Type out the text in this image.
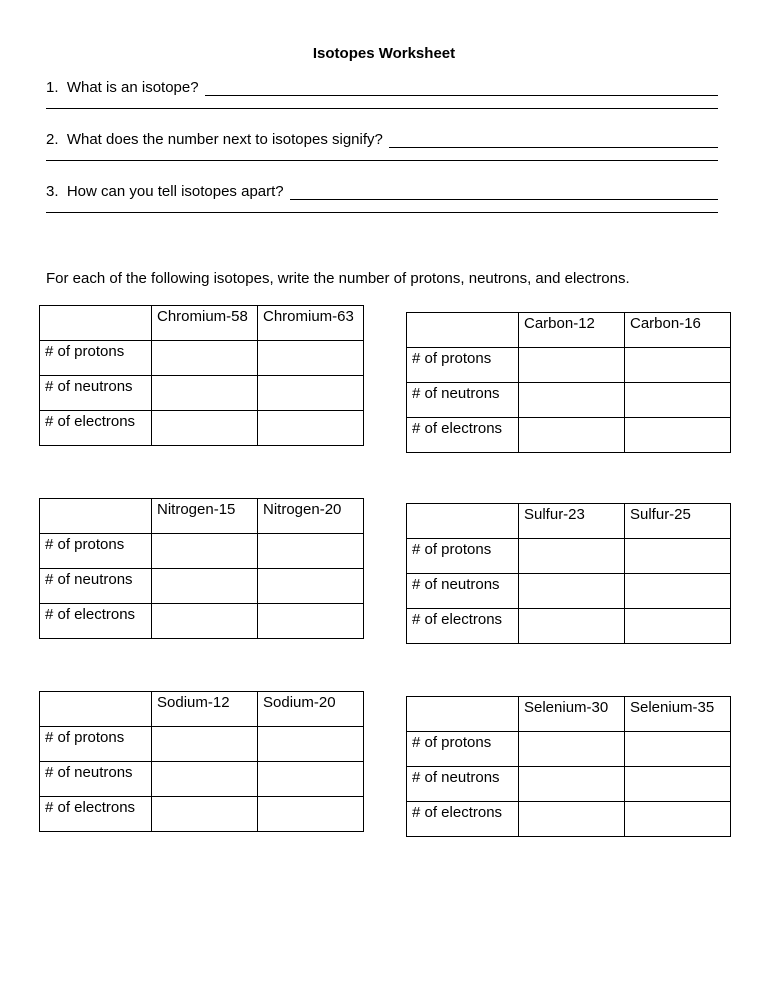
Isotopes Worksheet
1.  What is an isotope?
2.  What does the number next to isotopes signify?
3.  How can you tell isotopes apart?
For each of the following isotopes, write the number of protons, neutrons, and electrons.
	Chromium-58	Chromium-63
# of protons		
# of neutrons		
# of electrons		
	Carbon-12	Carbon-16
# of protons		
# of neutrons		
# of electrons		
	Nitrogen-15	Nitrogen-20
# of protons		
# of neutrons		
# of electrons		
	Sulfur-23	Sulfur-25
# of protons		
# of neutrons		
# of electrons		
	Sodium-12	Sodium-20
# of protons		
# of neutrons		
# of electrons		
	Selenium-30	Selenium-35
# of protons		
# of neutrons		
# of electrons		
